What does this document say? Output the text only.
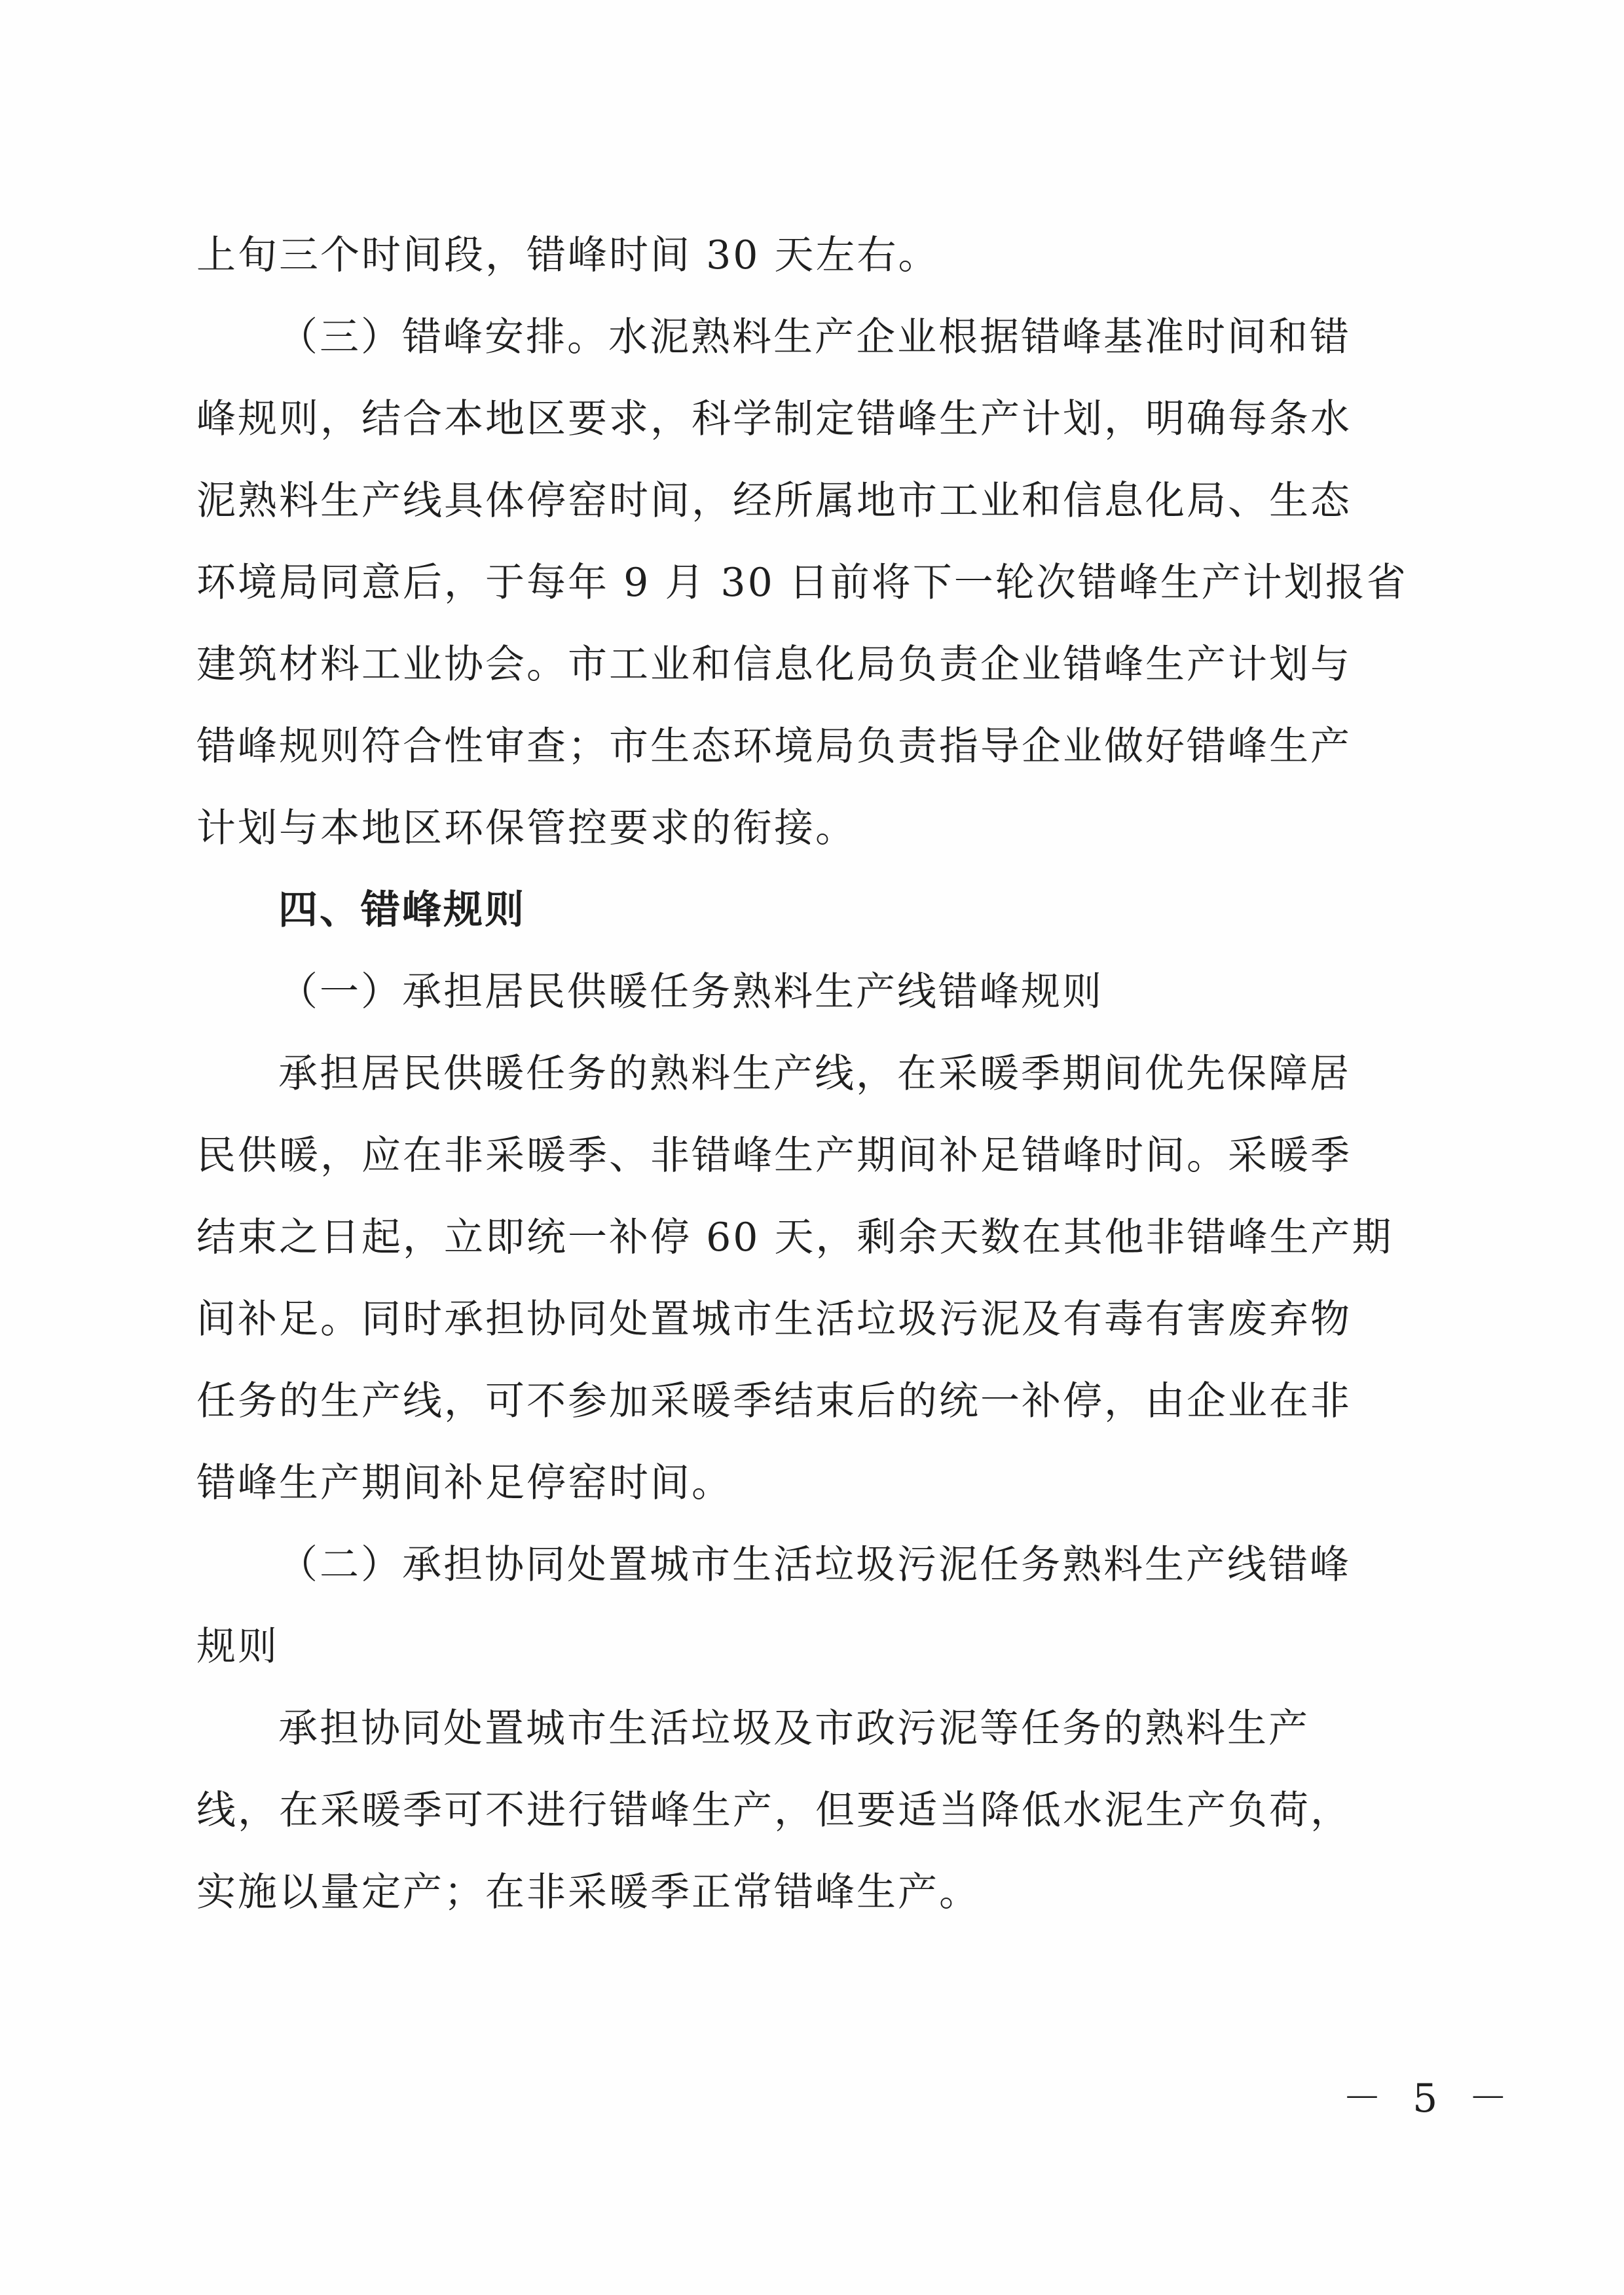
上旬三个时间段，错峰时间 30 天左右。
（三）错峰安排。水泥熟料生产企业根据错峰基准时间和错
峰规则，结合本地区要求，科学制定错峰生产计划，明确每条水
泥熟料生产线具体停窑时间，经所属地市工业和信息化局、生态
环境局同意后，于每年 9 月 30 日前将下一轮次错峰生产计划报省
建筑材料工业协会。市工业和信息化局负责企业错峰生产计划与
错峰规则符合性审查；市生态环境局负责指导企业做好错峰生产
计划与本地区环保管控要求的衔接。
四、错峰规则
（一）承担居民供暖任务熟料生产线错峰规则
承担居民供暖任务的熟料生产线，在采暖季期间优先保障居
民供暖，应在非采暖季、非错峰生产期间补足错峰时间。采暖季
结束之日起，立即统一补停 60 天，剩余天数在其他非错峰生产期
间补足。同时承担协同处置城市生活垃圾污泥及有毒有害废弃物
任务的生产线，可不参加采暖季结束后的统一补停，由企业在非
错峰生产期间补足停窑时间。
（二）承担协同处置城市生活垃圾污泥任务熟料生产线错峰
规则
承担协同处置城市生活垃圾及市政污泥等任务的熟料生产
线，在采暖季可不进行错峰生产，但要适当降低水泥生产负荷，
实施以量定产；在非采暖季正常错峰生产。
－ 5 －
